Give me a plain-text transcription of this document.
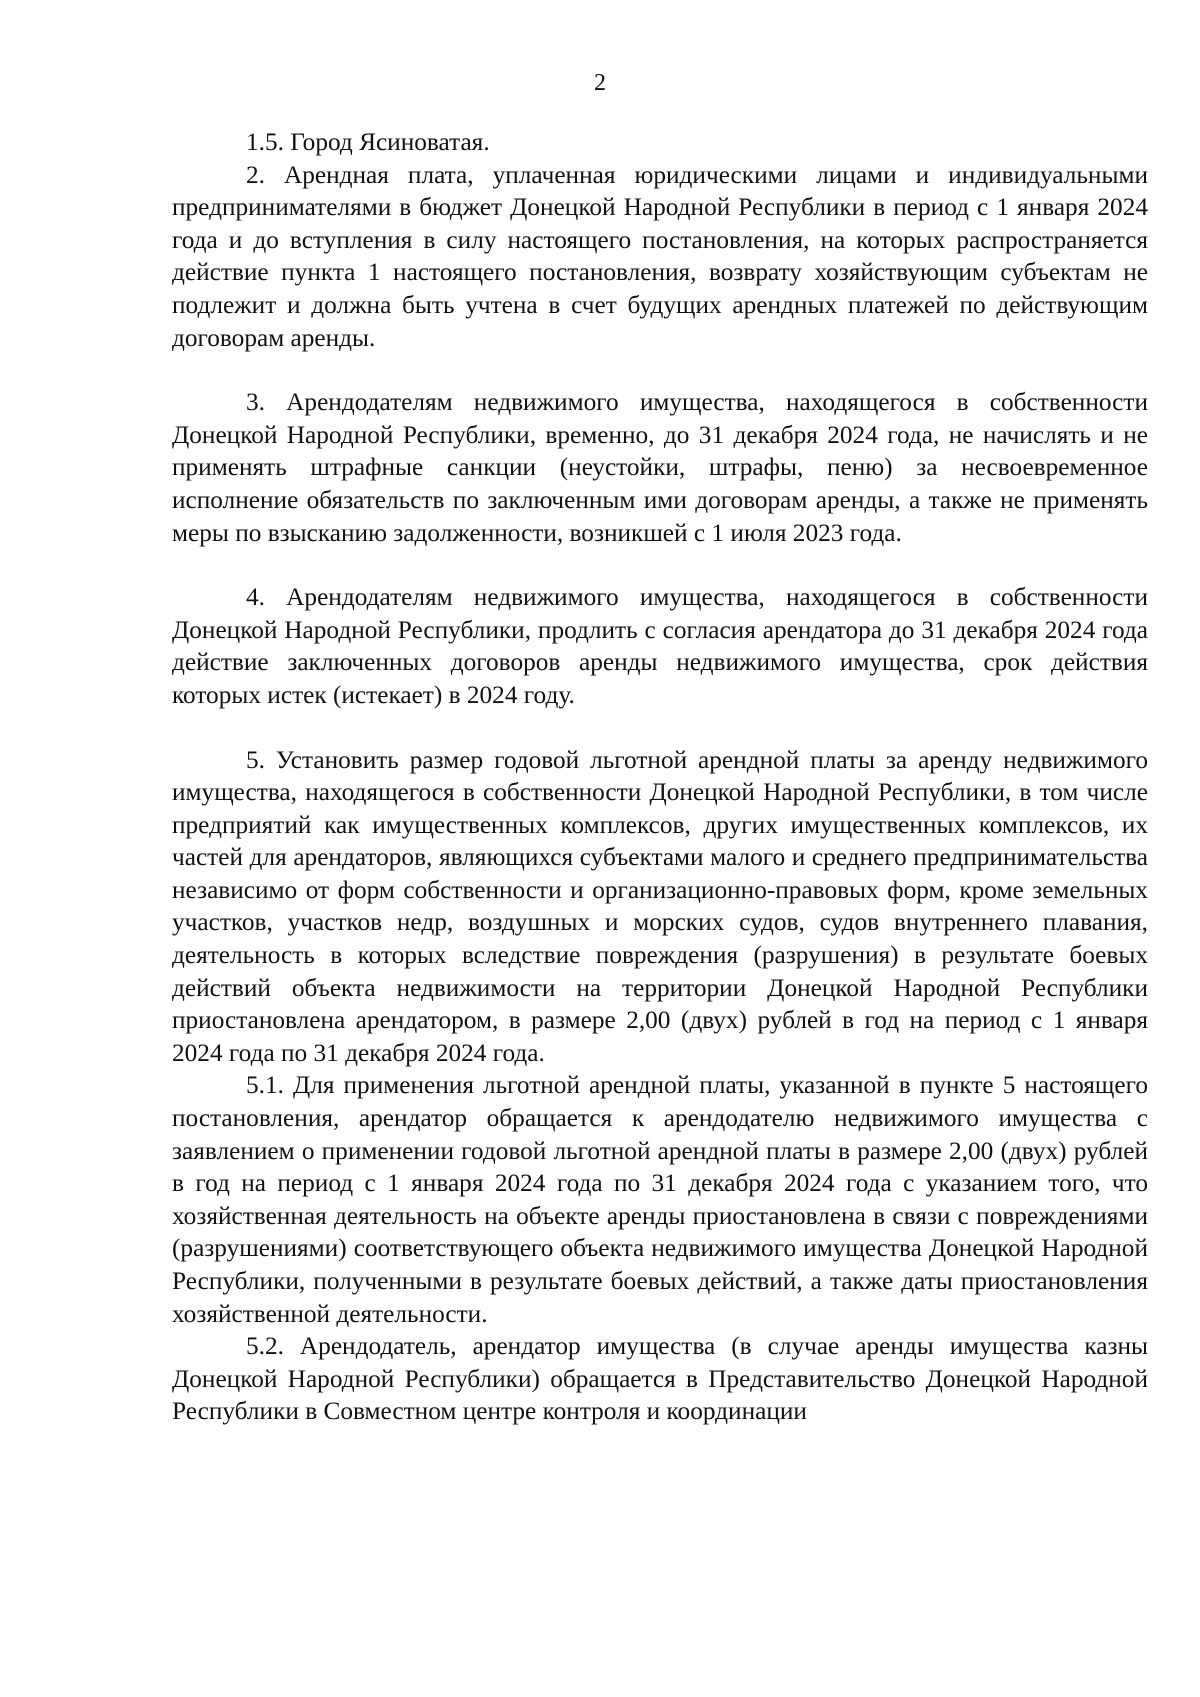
2

1.5. Город Ясиноватая.

2. Арендная плата, уплаченная юридическими лицами и индивидуальными предпринимателями в бюджет Донецкой Народной Республики в период с 1 января 2024 года и до вступления в силу настоящего постановления, на которых распространяется действие пункта 1 настоящего постановления, возврату хозяйствующим субъектам не подлежит и должна быть учтена в счет будущих арендных платежей по действующим договорам аренды.

3. Арендодателям недвижимого имущества, находящегося в собственности Донецкой Народной Республики, временно, до 31 декабря 2024 года, не начислять и не применять штрафные санкции (неустойки, штрафы, пеню) за несвоевременное исполнение обязательств по заключенным ими договорам аренды, а также не применять меры по взысканию задолженности, возникшей с 1 июля 2023 года.

4. Арендодателям недвижимого имущества, находящегося в собственности Донецкой Народной Республики, продлить с согласия арендатора до 31 декабря 2024 года действие заключенных договоров аренды недвижимого имущества, срок действия которых истек (истекает) в 2024 году.

5. Установить размер годовой льготной арендной платы за аренду недвижимого имущества, находящегося в собственности Донецкой Народной Республики, в том числе предприятий как имущественных комплексов, других имущественных комплексов, их частей для арендаторов, являющихся субъектами малого и среднего предпринимательства независимо от форм собственности и организационно-правовых форм, кроме земельных участков, участков недр, воздушных и морских судов, судов внутреннего плавания, деятельность в которых вследствие повреждения (разрушения) в результате боевых действий объекта недвижимости на территории Донецкой Народной Республики приостановлена арендатором, в размере 2,00 (двух) рублей в год на период с 1 января 2024 года по 31 декабря 2024 года.

5.1. Для применения льготной арендной платы, указанной в пункте 5 настоящего постановления, арендатор обращается к арендодателю недвижимого имущества с заявлением о применении годовой льготной арендной платы в размере 2,00 (двух) рублей в год на период с 1 января 2024 года по 31 декабря 2024 года с указанием того, что хозяйственная деятельность на объекте аренды приостановлена в связи с повреждениями (разрушениями) соответствующего объекта недвижимого имущества Донецкой Народной Республики, полученными в результате боевых действий, а также даты приостановления хозяйственной деятельности.

5.2. Арендодатель, арендатор имущества (в случае аренды имущества казны Донецкой Народной Республики) обращается в Представительство Донецкой Народной Республики в Совместном центре контроля и координации
